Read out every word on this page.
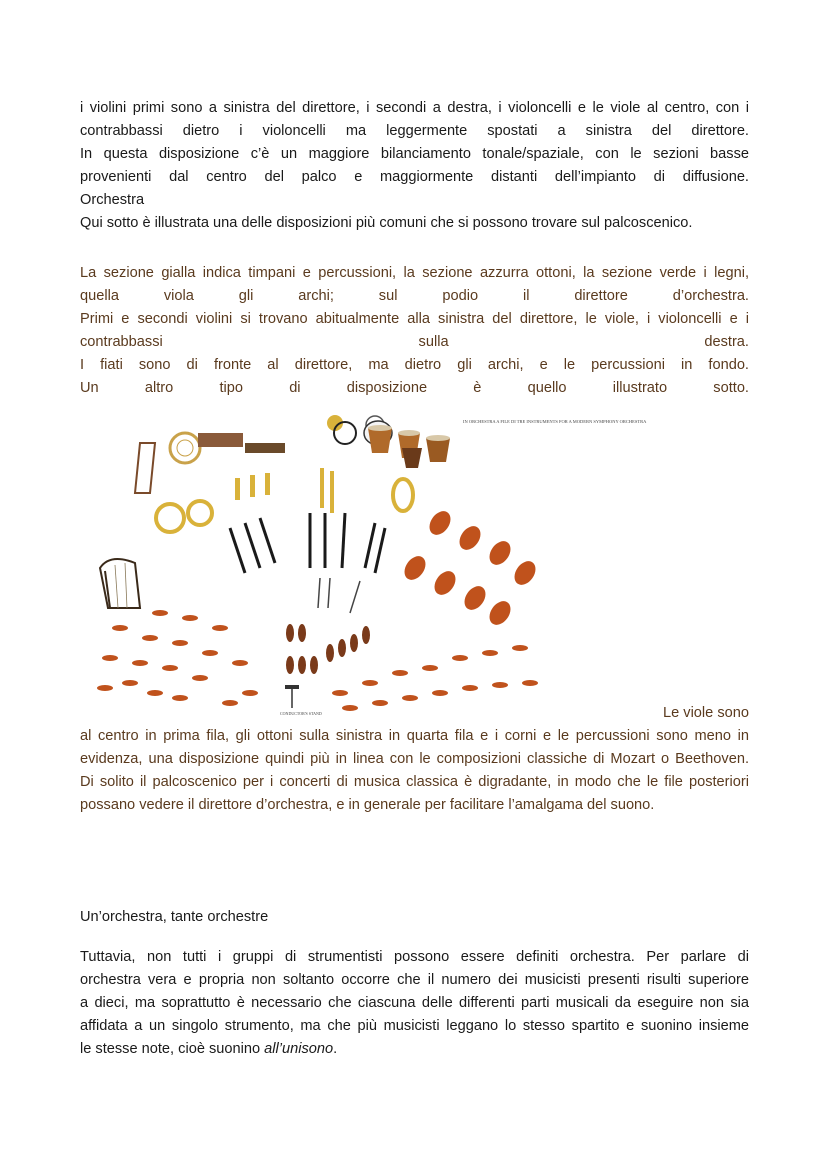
i violini primi sono a sinistra del direttore, i secondi a destra, i violoncelli e le viole al centro, con i
contrabbassi dietro i violoncelli ma leggermente spostati a sinistra del direttore.
In questa disposizione c’è un maggiore bilanciamento tonale/spaziale, con le sezioni basse
provenienti dal centro del palco e maggiormente distanti dell’impianto di diffusione.
Orchestra
Qui sotto è illustrata una delle disposizioni più comuni che si possono trovare sul palcoscenico.
La sezione gialla indica timpani e percussioni, la sezione azzurra ottoni, la sezione verde i legni,
quella viola gli archi; sul podio il direttore d’orchestra.
Primi e secondi violini si trovano abitualmente alla sinistra del direttore, le viole, i violoncelli e i
contrabbassi	sulla	destra.
I fiati sono di fronte al direttore, ma dietro gli archi, e le percussioni in fondo.
Un altro tipo di disposizione è quello illustrato sotto.
IN ORCHESTRA A FILE DI TRE INSTRUMENTS FOR A MODERN SYMPHONY ORCHESTRA
CONDUCTOR'S STAND	Le viole sono
al centro in prima fila, gli ottoni sulla sinistra in quarta fila e i corni e le percussioni sono meno in
evidenza, una disposizione quindi più in linea con le composizioni classiche di Mozart o Beethoven.
Di solito il palcoscenico per i concerti di musica classica è digradante, in modo che le file posteriori
possano vedere il direttore d’orchestra, e in generale per facilitare l’amalgama del suono.
Un’orchestra, tante orchestre
Tuttavia, non tutti i gruppi di strumentisti possono essere definiti orchestra. Per parlare di
orchestra vera e propria non soltanto occorre che il numero dei musicisti presenti risulti superiore
a dieci, ma soprattutto è necessario che ciascuna delle differenti parti musicali da eseguire non sia
affidata a un singolo strumento, ma che più musicisti leggano lo stesso spartito e suonino insieme
le stesse note, cioè suonino all’unisono.
